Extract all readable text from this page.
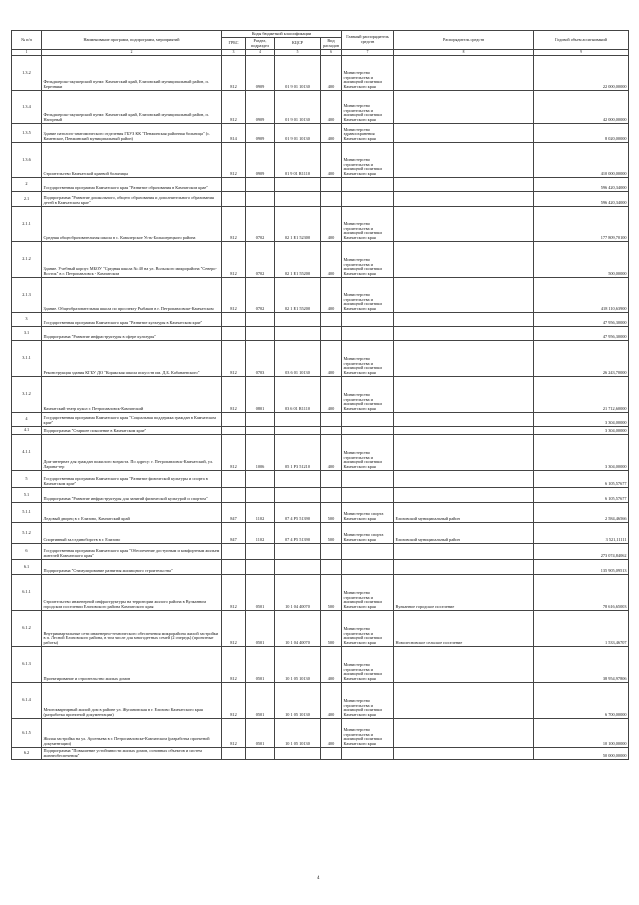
№ п/п	Наименование программ, подпрограмм, мероприятий	Коды бюджетной классификации				Главный распорядитель средств	Распорядитель средств	Годовой объем ассигнований
		ГРБС	Раздел, подраздел	КЦСР	Вид расходов			
1	2	3	4	5	6	7	8	9
1.3.2	Фельдшерско-акушерский пункт. Камчатский край, Елизовский муниципальный район, п. Березняки	812	0909	01 9 01 10130	400	Министерство строительства и жилищной политики Камчатского края		22 000,00000
1.3.4	Фельдшерско-акушерский пункт. Камчатский край, Елизовский муниципальный район, п. Нагорный	812	0909	01 9 01 10130	400	Министерство строительства и жилищной политики Камчатского края		42 000,00000
1.3.5	Здание патолого-анатомического отделения ГБУЗ КК "Пенжинская районная больница" (с. Каменское, Пенжинский муниципальный район)	814	0909	01 9 01 10130	400	Министерство здравоохранения Камчатского края		8 020,00000
1.3.6	Строительство Камчатской краевой больницы	812	0909	01 9 01 R1110	400	Министерство строительства и жилищной политики Камчатского края		410 000,00000
2	Государственная программа Камчатского края "Развитие образования в Камчатском крае"							596 420,34000
2.1	Подпрограмма "Развитие дошкольного, общего образования и дополнительного образования детей в Камчатском крае"							596 420,34000
2.1.1	Средняя общеобразовательная школа в с. Кавалерское Усть-Большерецкого района	812	0702	02 1 E1 52300	400	Министерство строительства и жилищной политики Камчатского края		177 809,70100
2.1.2	Здание. Учебный корпус МБОУ "Средняя школа № 40 на ул. Вольского микрорайона "Северо-Восток" в г. Петропавловск - Камчатском	812	0702	02 1 E1 55200	400	Министерство строительства и жилищной политики Камчатского края		500,00000
2.1.3	Здание. Общеобразовательная школа по проспекту Рыбаков в г. Петропавловске-Камчатском	812	0702	02 1 E1 55200	400	Министерство строительства и жилищной политики Камчатского края		418 110,63900
3	Государственная программа Камчатского края "Развитие культуры в Камчатском крае"							47 956,30000
3.1	Подпрограмма "Развитие инфраструктуры в сфере культуры"							47 956,30000
3.1.1	Реконструкция здания КГБУ ДО "Корякская школа искусств им. Д.Б. Кабанаевского"	812	0703	03 6 01 10130	400	Министерство строительства и жилищной политики Камчатского края		26 243,70000
3.1.2	Камчатский театр кукол г. Петропавловск-Камчатский	812	0801	03 6 01 R1110	400	Министерство строительства и жилищной политики Камчатского края		21 712,60000
4	Государственная программа Камчатского края "Социальная поддержка граждан в Камчатском крае"							3 304,00000
4.1	Подпрограмма "Старшее поколение в Камчатском крае"							3 304,00000
4.1.1	Дом-интернат для граждан пожилого возраста. По адресу: г. Петропавловск-Камчатский, ул. Ларина-тер	812	1006	05 1 P3 51210	400	Министерство строительства и жилищной политики Камчатского края		3 304,00000
5	Государственная программа Камчатского края "Развитие физической культуры и спорта в Камчатском крае"							6 105,57677
5.1	Подпрограмма "Развитие инфраструктуры для занятий физической культурой и спортом"							6 105,57677
5.1.1	Ледовый дворец в г. Елизово, Камчатский край	847	1102	07 4 P5 51390	500	Министерство спорта Камчатского края	Елизовский муниципальный район	2 584,46566
5.1.2	Спортивный зал единоборств в г. Елизово	847	1102	07 4 P5 51390	500	Министерство спорта Камчатского края	Елизовский муниципальный район	3 521,11111
6	Государственная программа Камчатского края "Обеспечение доступным и комфортным жильем жителей Камчатского края"							273 074,84062
6.1	Подпрограмма "Стимулирование развития жилищного строительства"							135 905,09513
6.1.1	Строительство инженерной инфраструктуры на территории жилого района в Вулканном городском поселении Елизовского района Камчатского края	812	0501	10 1 04 40070	500	Министерство строительства и жилищной политики Камчатского края	Вулканное городское поселение	78 616,65003
6.1.2	Внутриквартальные сети инженерно-технического обеспечения микрорайона жилой застройки в п. Лесной Елизовского района, в том числе для многодетных семей (2 очередь) (проектные работы)	812	0501	10 1 04 40070	500	Министерство строительства и жилищной политики Камчатского края	Новолесновское сельское поселение	1 533,46707
6.1.3	Проектирование и строительство жилых домов	812	0501	10 1 05 10130	400	Министерство строительства и жилищной политики Камчатского края		38 954,97806
6.1.4	Многоквартирный жилой дом в районе ул. Жупановская в г. Елизово Камчатского края (разработка проектной документации)	812	0501	10 1 05 10130	400	Министерство строительства и жилищной политики Камчатского края		6 700,00000
6.1.5	Жилая застройка на ул. Арсеньева в г. Петропавловске-Камчатском (разработка проектной документации)	812	0501	10 1 05 10130	400	Министерство строительства и жилищной политики Камчатского края		10 100,00000
6.2	Подпрограмма "Повышение устойчивости жилых домов, основных объектов и систем жизнеобеспечения"							50 000,00000
4
